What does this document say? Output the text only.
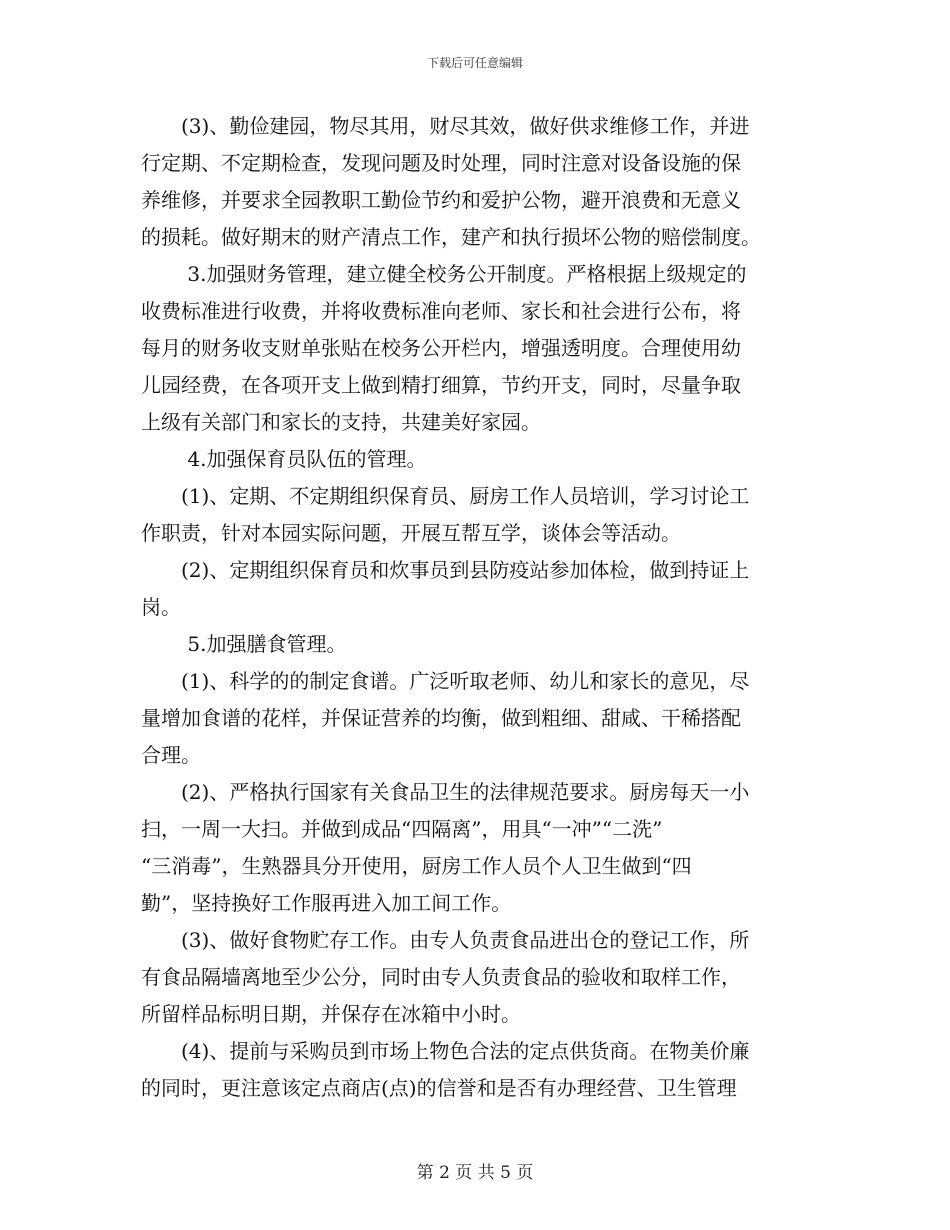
下载后可任意编辑

　　(3)、勤俭建园，物尽其用，财尽其效，做好供求维修工作，并进
行定期、不定期检查，发现问题及时处理，同时注意对设备设施的保
养维修，并要求全园教职工勤俭节约和爱护公物，避开浪费和无意义
的损耗。做好期末的财产清点工作，建产和执行损坏公物的赔偿制度。

　　 3.加强财务管理，建立健全校务公开制度。严格根据上级规定的
收费标准进行收费，并将收费标准向老师、家长和社会进行公布，将
每月的财务收支财单张贴在校务公开栏内，增强透明度。合理使用幼
儿园经费，在各项开支上做到精打细算，节约开支，同时，尽量争取
上级有关部门和家长的支持，共建美好家园。

　　 4.加强保育员队伍的管理。

　　(1)、定期、不定期组织保育员、厨房工作人员培训，学习讨论工
作职责，针对本园实际问题，开展互帮互学，谈体会等活动。

　　(2)、定期组织保育员和炊事员到县防疫站参加体检，做到持证上
岗。

　　 5.加强膳食管理。

　　(1)、科学的的制定食谱。广泛听取老师、幼儿和家长的意见，尽
量增加食谱的花样，并保证营养的均衡，做到粗细、甜咸、干稀搭配
合理。

　　(2)、严格执行国家有关食品卫生的法律规范要求。厨房每天一小
扫，一周一大扫。并做到成品“四隔离”，用具“一冲”“二洗”
“三消毒”，生熟器具分开使用，厨房工作人员个人卫生做到“四
勤”，坚持换好工作服再进入加工间工作。

　　(3)、做好食物贮存工作。由专人负责食品进出仓的登记工作，所
有食品隔墙离地至少公分，同时由专人负责食品的验收和取样工作，
所留样品标明日期，并保存在冰箱中小时。

　　(4)、提前与采购员到市场上物色合法的定点供货商。在物美价廉
的同时，更注意该定点商店(点)的信誉和是否有办理经营、卫生管理

第 2 页 共 5 页
